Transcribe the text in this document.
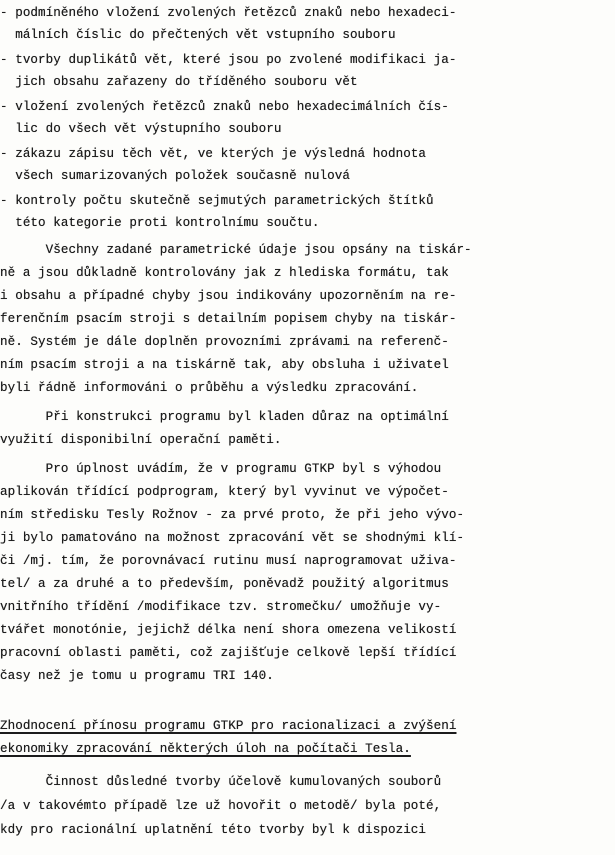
- podmíněného vložení zvolených řetězců znaků nebo hexadeci-
málních číslic do přečtených vět vstupního souboru
- tvorby duplikátů vět, které jsou po zvolené modifikaci ja-
jich obsahu zařazeny do tříděného souboru vět
- vložení zvolených řetězců znaků nebo hexadecimálních čís-
lic do všech vět výstupního souboru
- zákazu zápisu těch vět, ve kterých je výsledná hodnota
všech sumarizovaných položek současně nulová
- kontroly počtu skutečně sejmutých parametrických štítků
této kategorie proti kontrolnímu součtu.
Všechny zadané parametrické údaje jsou opsány na tiskár-
ně a jsou důkladně kontrolovány jak z hlediska formátu, tak
i obsahu a případné chyby jsou indikovány upozorněním na re-
ferenčním psacím stroji s detailním popisem chyby na tiskár-
ně. Systém je dále doplněn provozními zprávami na referenč-
ním psacím stroji a na tiskárně tak, aby obsluha i uživatel
byli řádně informováni o průběhu a výsledku zpracování.
Při konstrukci programu byl kladen důraz na optimální
využití disponibilní operační paměti.
Pro úplnost uvádím, že v programu GTKP byl s výhodou
aplikován třídící podprogram, který byl vyvinut ve výpočet-
ním středisku Tesly Rožnov - za prvé proto, že při jeho vývo-
ji bylo pamatováno na možnost zpracování vět se shodnými klí-
či /mj. tím, že porovnávací rutinu musí naprogramovat uživa-
tel/ a za druhé a to především, poněvadž použitý algoritmus
vnitřního třídění /modifikace tzv. stromečku/ umožňuje vy-
tvářet monotónie, jejichž délka není shora omezena velikostí
pracovní oblasti paměti, což zajišťuje celkově lepší třídící
časy než je tomu u programu TRI 140.
Zhodnocení přínosu programu GTKP pro racionalizaci a zvýšení
ekonomiky zpracování některých úloh na počítači Tesla.
Činnost důsledné tvorby účelově kumulovaných souborů
/a v takovémto případě lze už hovořit o metodě/ byla poté,
kdy pro racionální uplatnění této tvorby byl k dispozici
